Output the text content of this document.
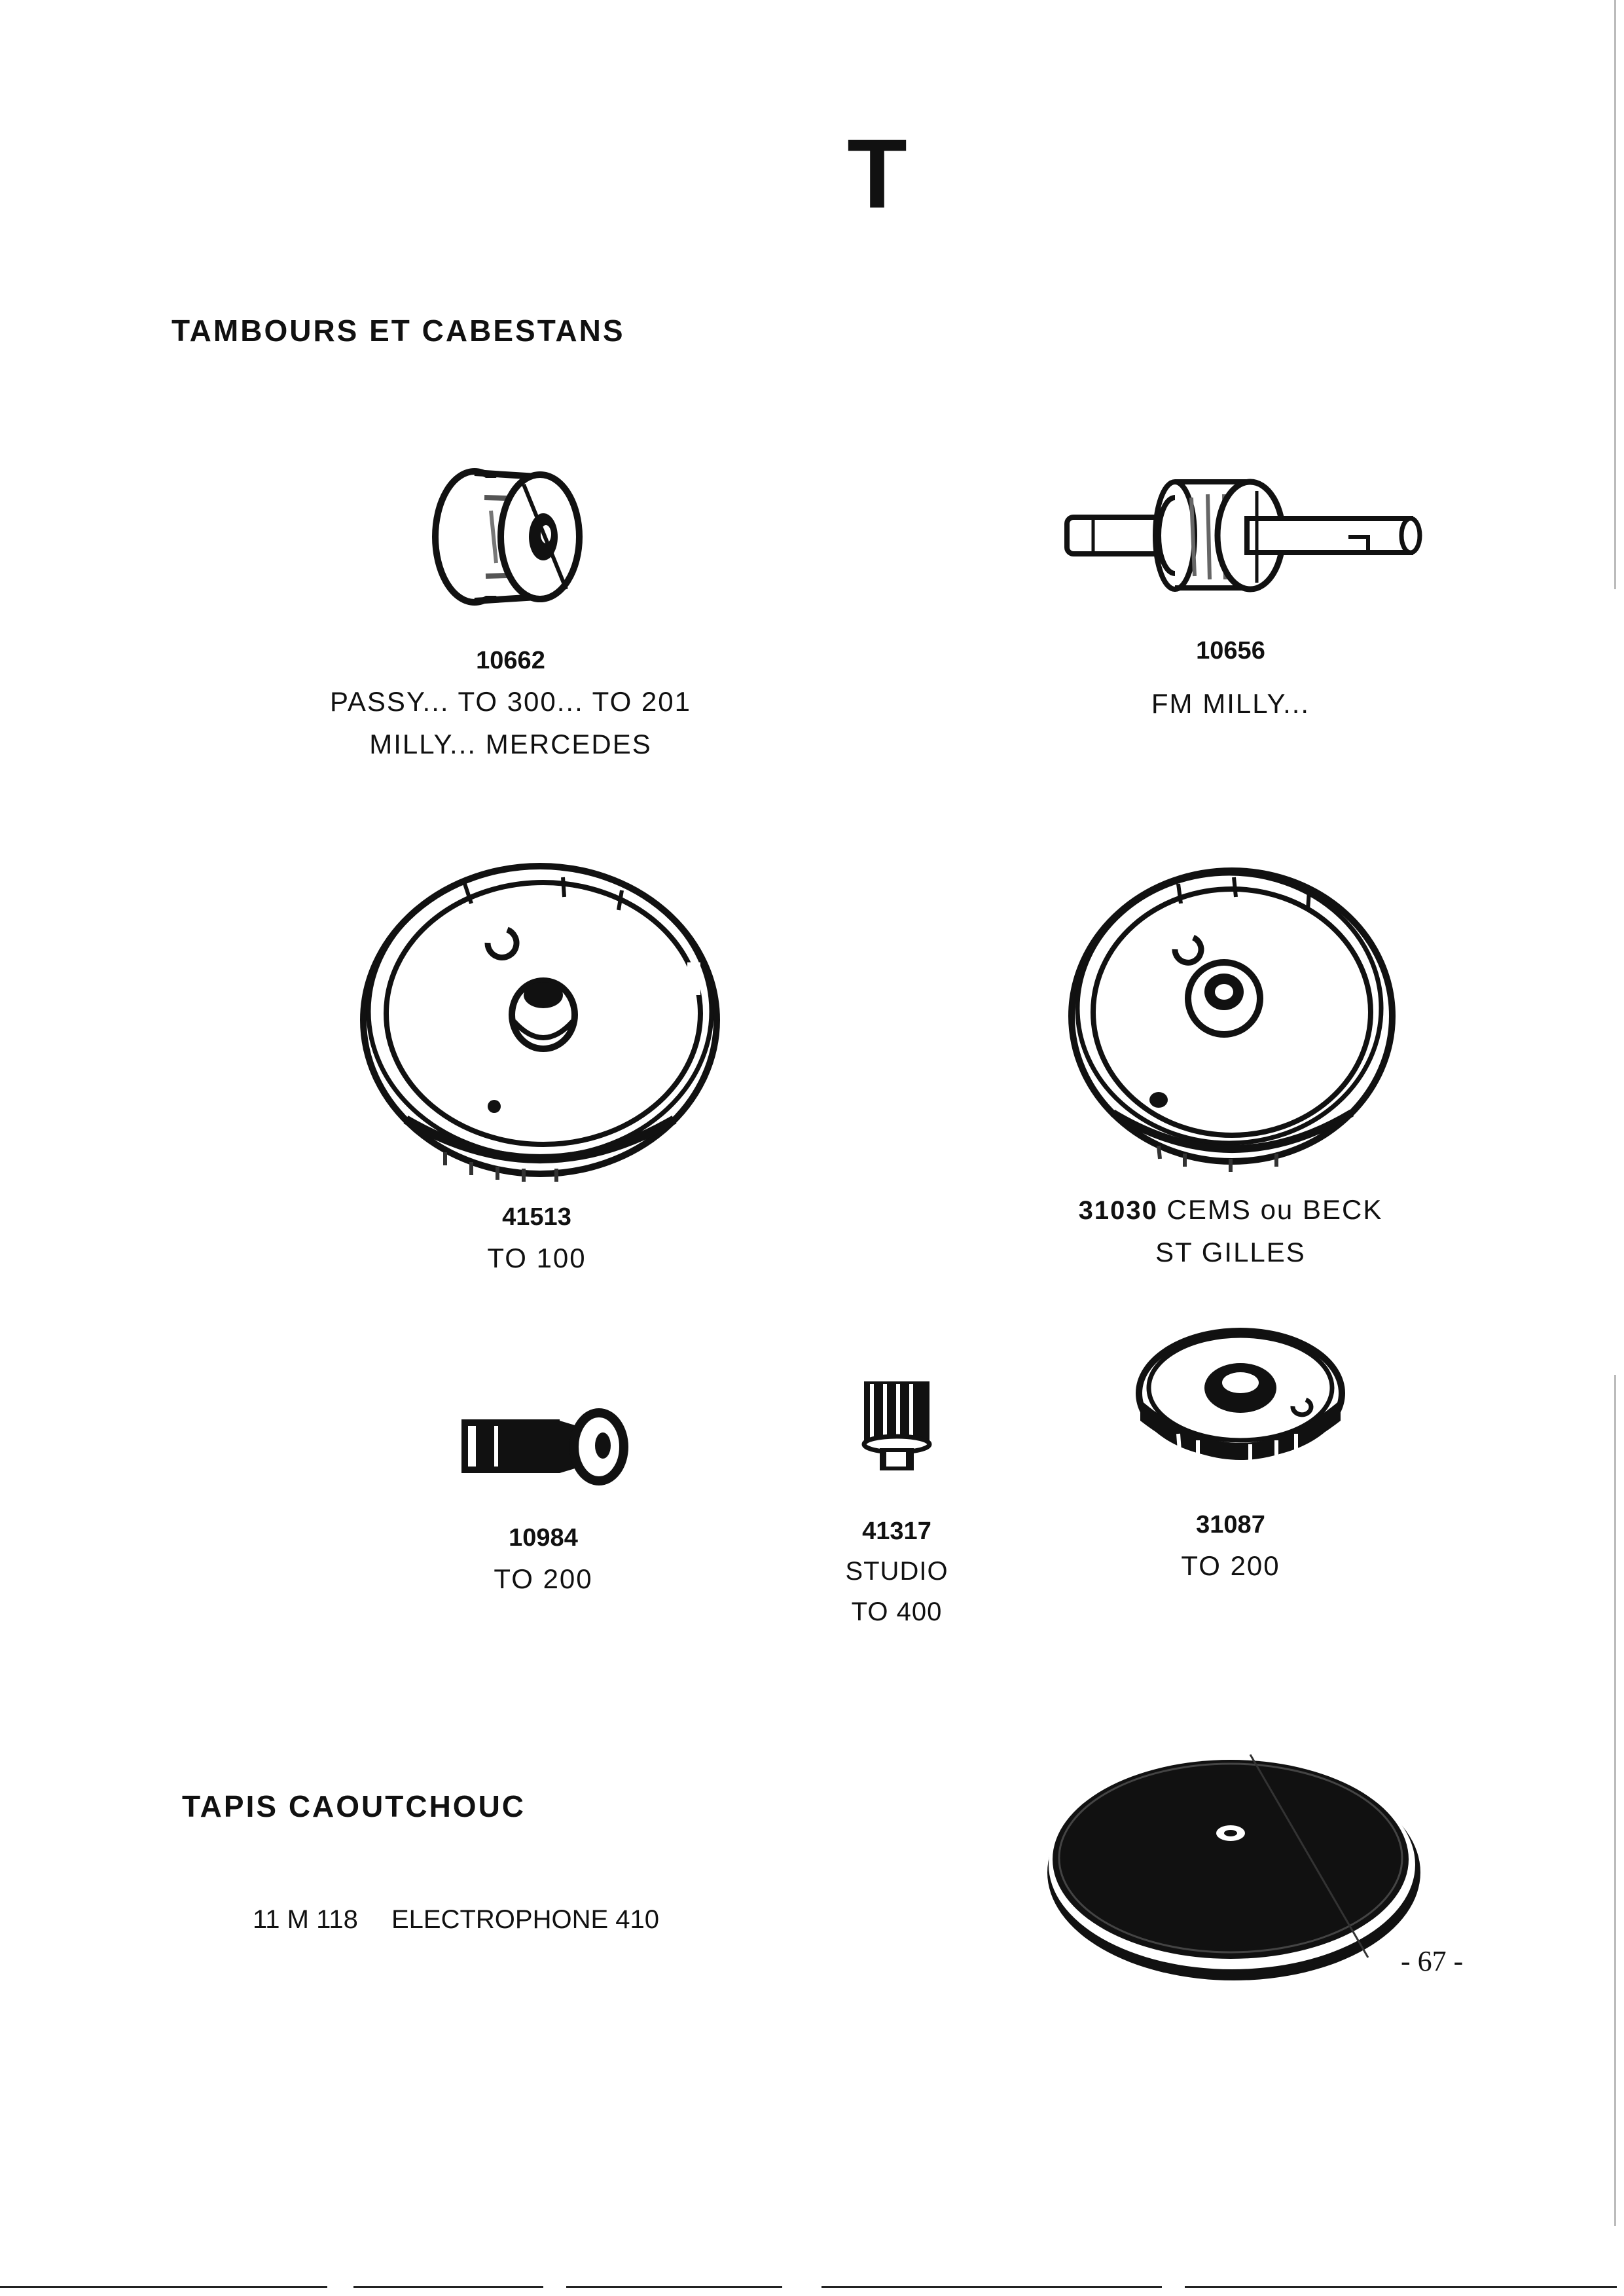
T
TAMBOURS ET CABESTANS
10662
PASSY... TO 300... TO 201
MILLY... MERCEDES
10656
FM MILLY...
41513
TO 100
31030 CEMS ou BECK
ST GILLES
10984
TO 200
41317
STUDIO
TO 400
31087
TO 200
TAPIS CAOUTCHOUC
11 M 118 ELECTROPHONE 410
- 67 -
